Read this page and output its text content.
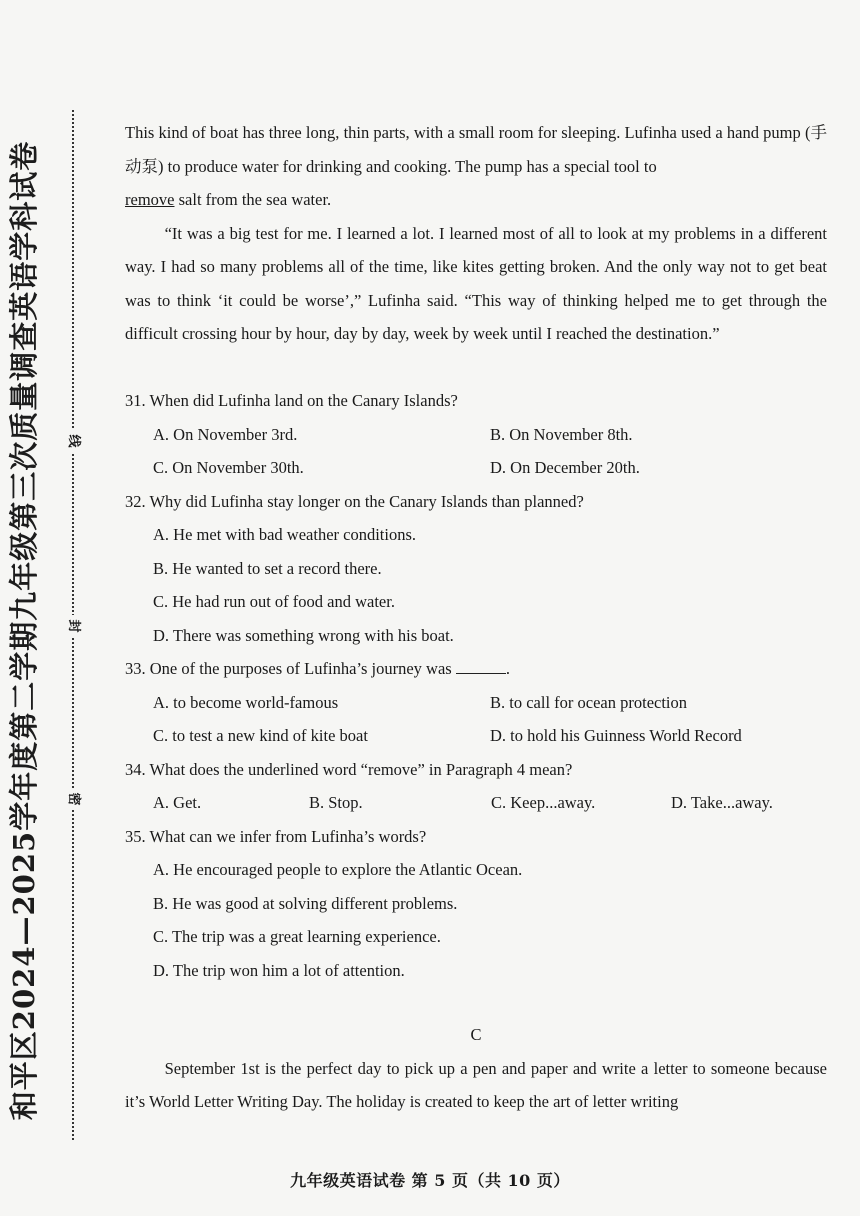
和平区2024—2025学年度第二学期九年级第三次质量调查英语学科试卷	线
封
密

This kind of boat has three long, thin parts, with a small room for sleeping. Lufinha used a hand pump (手动泵) to produce water for drinking and cooking. The pump has a special tool to
remove salt from the sea water.

“It was a big test for me. I learned a lot. I learned most of all to look at my problems in a different way. I had so many problems all of the time, like kites getting broken. And the only way not to get beat was to think ‘it could be worse’,” Lufinha said. “This way of thinking helped me to get through the difficult crossing hour by hour, day by day, week by week until I reached the destination.”

31. When did Lufinha land on the Canary Islands?

A. On November 3rd.	B. On November 8th.
C. On November 30th.	D. On December 20th.

32. Why did Lufinha stay longer on the Canary Islands than planned?

A. He met with bad weather conditions.

B. He wanted to set a record there.

C. He had run out of food and water.

D. There was something wrong with his boat.

33. One of the purposes of Lufinha’s journey was	.

A. to become world-famous	B. to call for ocean protection
C. to test a new kind of kite boat	D. to hold his Guinness World Record

34. What does the underlined word “remove” in Paragraph 4 mean?

A. Get.	B. Stop.	C. Keep...away.	D. Take...away.

35. What can we infer from Lufinha’s words?

A. He encouraged people to explore the Atlantic Ocean.

B. He was good at solving different problems.

C. The trip was a great learning experience.

D. The trip won him a lot of attention.

C

September 1st is the perfect day to pick up a pen and paper and write a letter to someone because it’s World Letter Writing Day. The holiday is created to keep the art of letter writing

九年级英语试卷 第 5 页（共 10 页）
